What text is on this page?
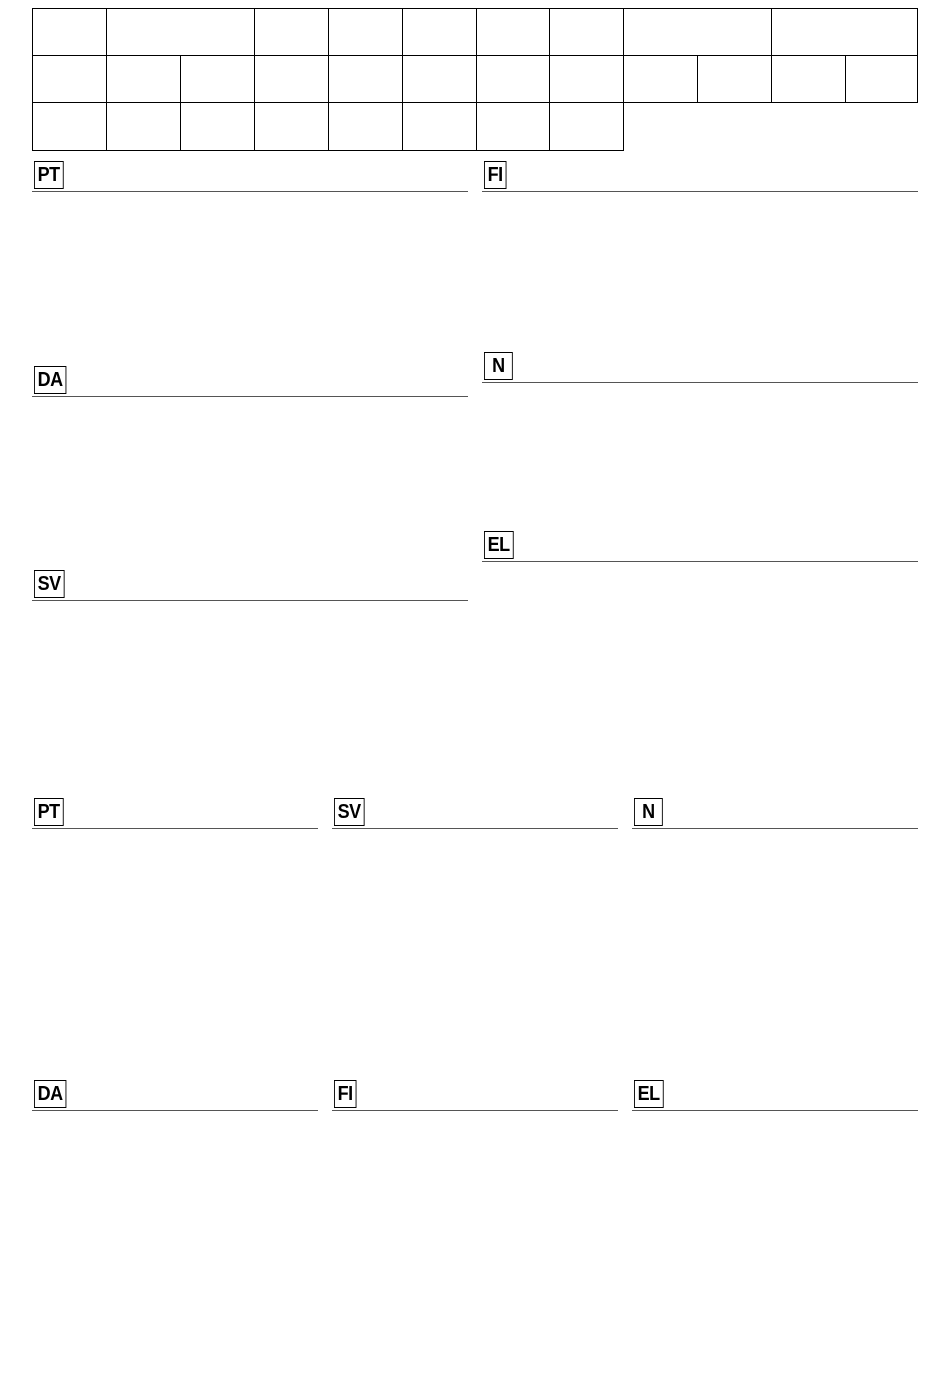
PT	FI
N
DA
EL
SV
PT	SV	N
DA	FI	EL
